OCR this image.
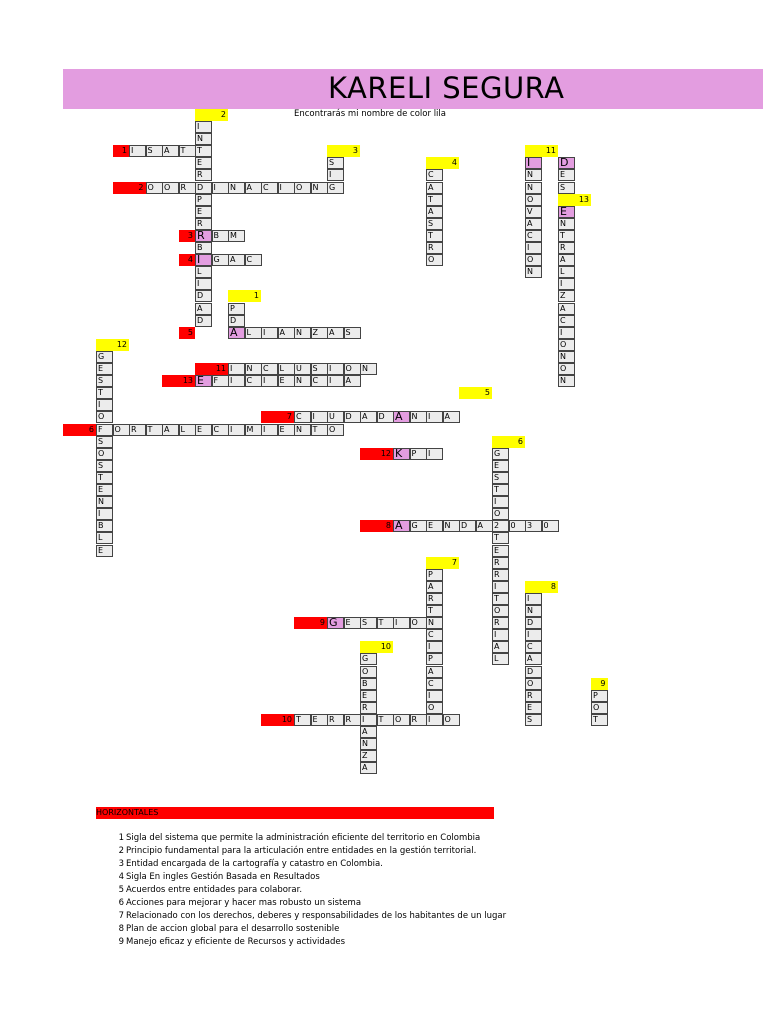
KARELI SEGURA
Encontrarás mi nombre de color lila
I	S	A	T
O	O	R	D	I	N	A	C	I	O	N
R	B	M
I	G	A	C
A	L	I	A	N	Z	A	S
F	O	R	T	A	L	E	C	I	M	I	E	N	T	O
C	I	U	D	A	D A	N	I	A
A	G	E	N	D	A	2	0	3	0
G E	S	T	I	O	N
T	E	R	R	I	T	O	R	I	O
I	N	C	L	U	S	I	O	N
K	P	I
E	F	I	C	I	E	N	C	I	A
P
D
I
N
T
E
R
P
E
R
B
L
I
D
A
D
S
I
G
C
A
T
A
S
T
R
O
D
E
S
E
N
T
R
A
L
I
Z
A
C
I
O
N
G
E
S
T
I
O
T
E
R
R
I
T
O
R
I
A
L
P
A
R
T
C
I
P
A
C
I
O
I
N
D
I
C
A
D
O
R
E
S
P
O
T
G
O
B
E
R
A
N
Z
A
I
N
N
O
V
A
C
I
O
N
G
E
S
T
I
O
S
O
S
T
E
N
I
B
L
E
O
N
1
2
3
4
5
6
7
8
9
10
11
12
13
1
2
3
4
5
6
7
8
9
10
11
12
13
HORIZONTALES
1 Sigla del sistema que permite la administración eficiente del territorio en Colombia
2 Principio fundamental para la articulación entre entidades en la gestión territorial.
3 Entidad encargada de la cartografía y catastro en Colombia.
4 Sigla En ingles Gestión Basada en Resultados
5 Acuerdos entre entidades para colaborar.
6 Acciones para mejorar y hacer mas robusto un sistema
7 Relacionado con los derechos, deberes y responsabilidades de los habitantes de un lugar
8 Plan de accion global para el desarrollo sostenible
9 Manejo eficaz y eficiente de Recursos y actividades
